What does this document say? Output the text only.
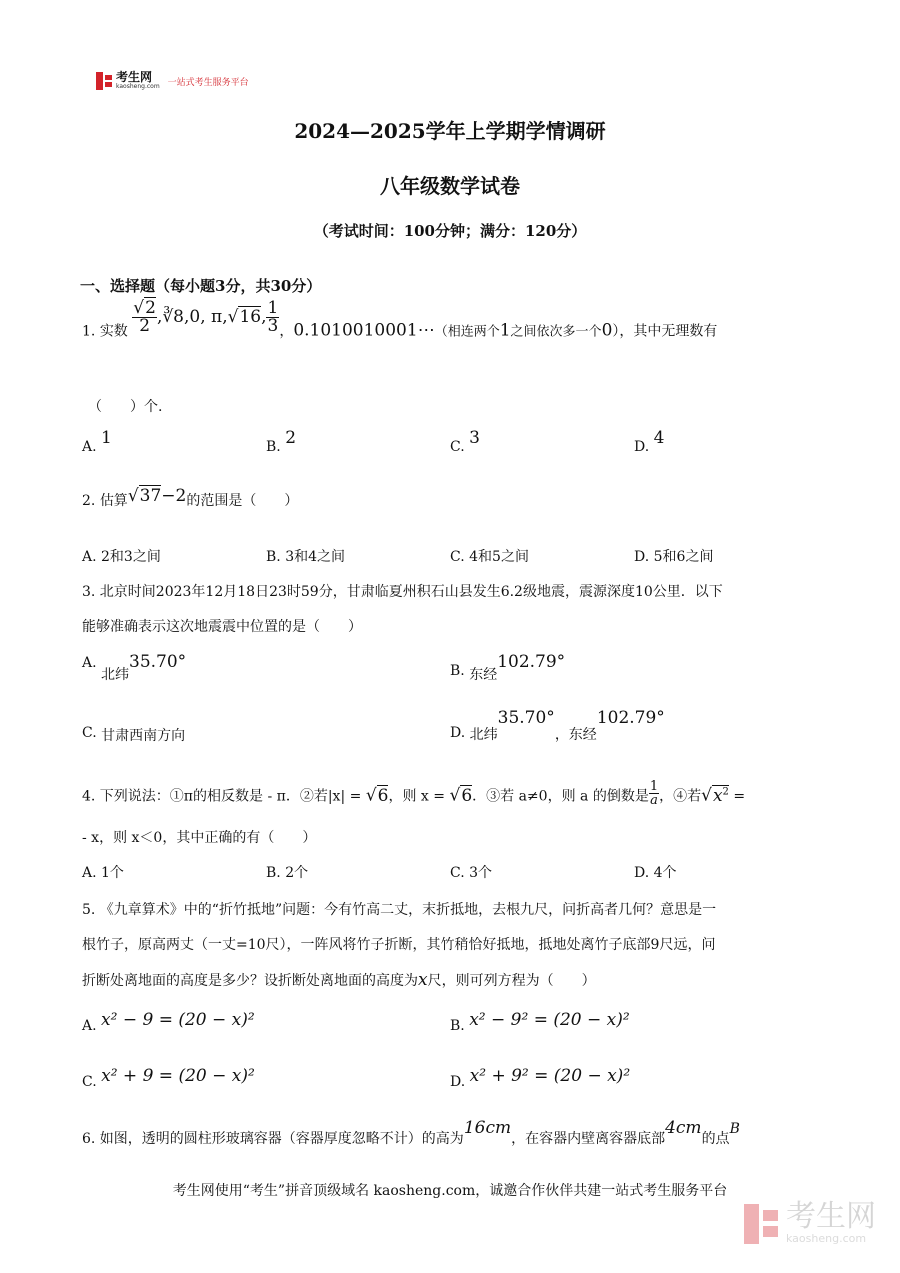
考生网
kaosheng.com 一站式考生服务平台
2024—2025学年上学期学情调研
八年级数学试卷
（考试时间：100分钟；满分：120分）
一、选择题（每小题3分，共30分）
1. 实数 $\frac{√2}{2}$ ,∛8,0, π,√16, $\frac{1}{3}$ ，0.1010010001⋯（相连两个1之间依次多一个0），其中无理数有
（　　）个.
A. 1	B. 2	C. 3	D. 4
2. 估算√37−2的范围是（　　）
A. 2和3之间	B. 3和4之间	C. 4和5之间	D. 5和6之间
3. 北京时间2023年12月18日23时59分，甘肃临夏州积石山县发生6.2级地震，震源深度10公里．以下
能够准确表示这次地震震中位置的是（　　）
A. 北纬35.70°	B. 东经102.79°
C. 甘肃西南方向	D. 北纬35.70°，东经102.79°
4. 下列说法：①π的相反数是 - π．②若|x| = √6，则 x = √6．③若 a≠0，则 a 的倒数是 $\frac{1}{a}$ ，④若$√x^2$ =
- x，则 x＜0，其中正确的有（　　）
A. 1个	B. 2个	C. 3个	D. 4个
5. 《九章算术》中的“折竹抵地”问题：今有竹高二丈，末折抵地，去根九尺，问折高者几何？意思是一
根竹子，原高两丈（一丈=10尺），一阵风将竹子折断，其竹稍恰好抵地，抵地处离竹子底部9尺远，问
折断处离地面的高度是多少？设折断处离地面的高度为x尺，则可列方程为（　　）
A. x² − 9 = (20 − x)²	B. x² − 9² = (20 − x)²
C. x² + 9 = (20 − x)²	D. x² + 9² = (20 − x)²
6. 如图，透明的圆柱形玻璃容器（容器厚度忽略不计）的高为16cm，在容器内壁离容器底部4cm的点B
考生网使用“考生”拼音顶级域名 kaosheng.com，诚邀合作伙伴共建一站式考生服务平台
考生网
kaosheng.com
